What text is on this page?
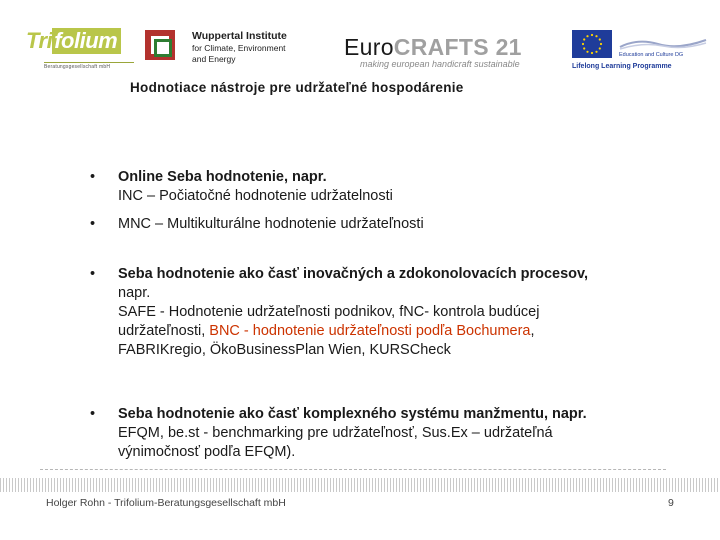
Trifolium
Beratungsgesellschaft mbH
Wuppertal Institute
for Climate, Environment
and Energy	EuroCRAFTS 21
making european handicraft sustainable
Education and Culture DG
Lifelong Learning Programme
Hodnotiace nástroje pre udržateľné hospodárenie
•	Online Seba hodnotenie, napr.
INC – Počiatočné hodnotenie udržatelnosti
•	MNC – Multikulturálne hodnotenie udržateľnosti
•	Seba hodnotenie ako časť inovačných a zdokonolovacích procesov,
napr.
SAFE - Hodnotenie udržateľnosti podnikov, fNC- kontrola budúcej
udržateľnosti, BNC - hodnotenie udržateľnosti podľa Bochumera,
FABRIKregio, ÖkoBusinessPlan Wien, KURSCheck
•	Seba hodnotenie ako časť komplexného systému manžmentu, napr.
EFQM, be.st - benchmarking pre udržateľnosť, Sus.Ex – udržateľná
výnimočnosť podľa EFQM).
Holger Rohn - Trifolium-Beratungsgesellschaft mbH	9
